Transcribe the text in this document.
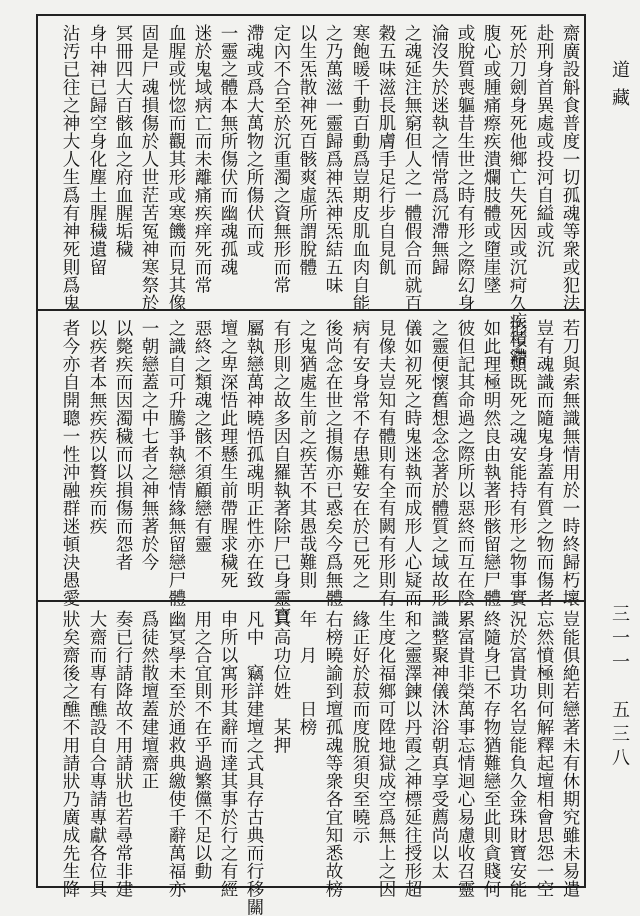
齋廣設斛食普度一切孤魂等衆或犯法
赴刑身首異處或投河自縊或沉
死於刀劍身死他鄉亡失死因或沉疴久疾積滯
腹心或腫痛瘵疾潰爛肢體或墮崖墜
或脫質喪軀昔生世之時有形之際幻身
淪沒失於迷執之情常爲沉滯無歸
之魂延注無窮但人之一體假合而就百
穀五味滋長肌膚手足行步自見飢
寒飽暖千動百動爲豈期皮肌血肉自能
之乃萬滋一靈歸爲神炁神炁結五味
以生炁散神死百骸爽虛所謂脫體
定內不合至於沉重濁之資無形而常
滯魂或爲大萬物之所傷伏而或
一靈之體本無所傷伏而幽魂孤魂
迷於鬼域病亡而未離痛疾痒死而常
血腥或恍惚而觀其形或寒饑而見其像
固是尸魂損傷於人世茫苦冤神寒祭於
冥冊四大百骸血之府血腥垢穢
身中神已歸空身化塵土腥穢遺留
沾汚已往之神大人生爲有神死則爲鬼
若刀與索無識無情用於一時終歸朽壞
豈有魂識而隨鬼身蓋有質之物而傷者
形之類既死之魂安能持有形之物事實
如此理極明然良由執著形骸留戀尸體
彼但記其命過之際所以惡終而互在陰
之靈便懷舊想念念著於體質之域故形
儀如初死之時鬼迷執而成形人心疑而
見像夫豈知有體則有全有闕有形則有
病有安身常不存患難安在於已死之
後尚念在世之損傷亦已惑矣今爲無體
之鬼猶處生前之疾苦不其愚哉難則
有形則之故多因自羅執著除尸已身靈寶
屬執戀萬神曉悟孤魂明正性亦在致
壇之卑深悟此理懸生前帶腥求穢死
惡終之類魂之骸不須顧戀有靈
之識自可升騰爭執戀情緣無留戀尸體
一朝戀蓋之中七者之神無著於今
以斃疾而因濁穢而以損傷而怨者
以疾者本無疾疾以贅疾而疾
者今亦自開聰一性沖融群迷頓決愚愛
豈能俱絶若戀著未有休期究雖未易遣
忘然憤極則何解釋起壇相會思怨一空
況於富貴功名豈能負久金珠財寶安能
終隨身已不存物猶難戀至此則貪賤何
累富貴非榮萬事忘情迴心易慮收召靈
識整聚神儀沐浴朝真享受薦尚以太
和之靈澤鍊以丹霞之神標延往授形超
生度化福鄉可陞地獄成空爲無上之因
緣正好於菽而度脫須臾至曉示
右榜曉諭到壇孤魂等衆各宜知悉故榜
年　月　　日榜
具高功位姓　某押
凡中　竊詳建壇之式具存古典而行移關
申所以寓形其辭而達其事於行之有經
用之合宜則不在乎過繁儻不足以動
幽冥學未至於通救典繳使千辭萬福亦
爲徒然散壇蓋建壇齋正
奏已行請降故不用請狀也若尋常非建
大齋而專有醮設自合專請專獻各位具
狀矣齋後之醮不用請狀乃廣成先生降
道藏
三一一　五三八
